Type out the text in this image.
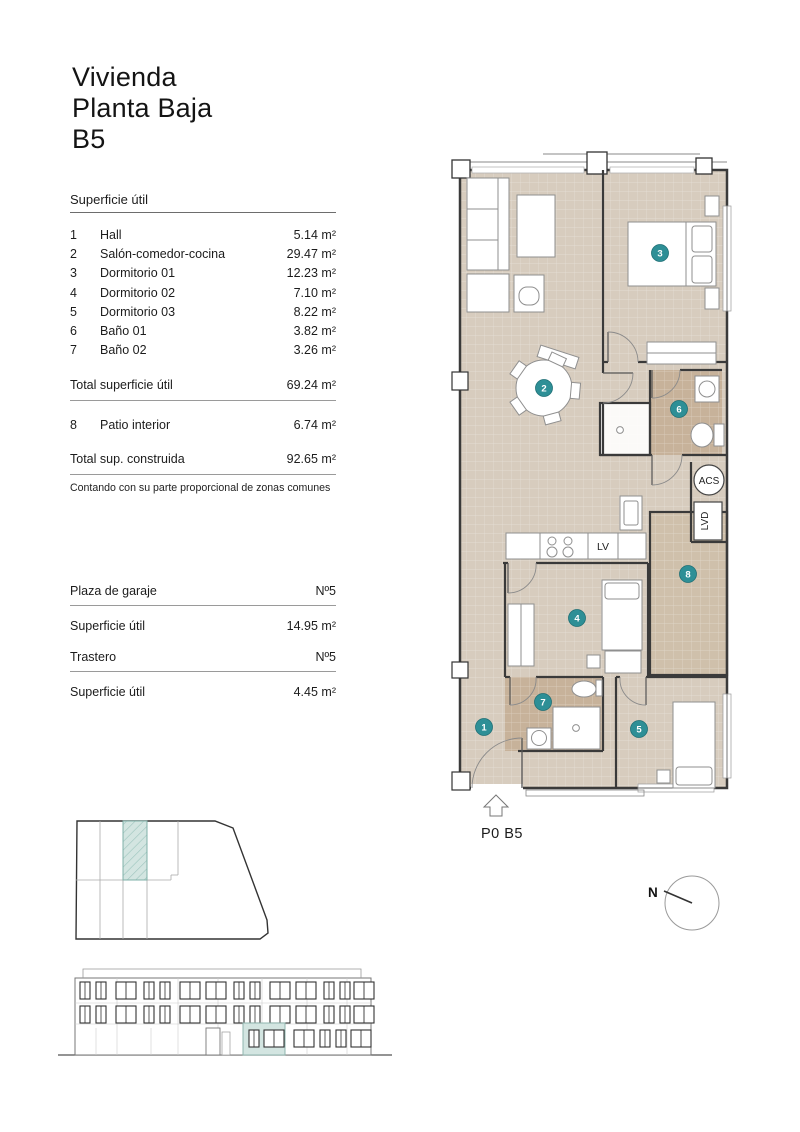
Vivienda
Planta Baja
B5
Superficie útil
1	Hall	5.14 m²
2	Salón-comedor-cocina	29.47 m²
3	Dormitorio 01	12.23 m²
4	Dormitorio 02	7.10 m²
5	Dormitorio 03	8.22 m²
6	Baño 01	3.82 m²
7	Baño 02	3.26 m²
Total superficie útil	69.24 m²
8	Patio interior	6.74 m²
Total sup. construida	92.65 m²
Contando con su parte proporcional de zonas comunes
Plaza de garaje	Nº5
Superficie útil	14.95 m²
Trastero	Nº5
Superficie útil	4.45 m²
ACS
LVD
LV
1
2
3
4
5
6
7
8
P0 B5
N
